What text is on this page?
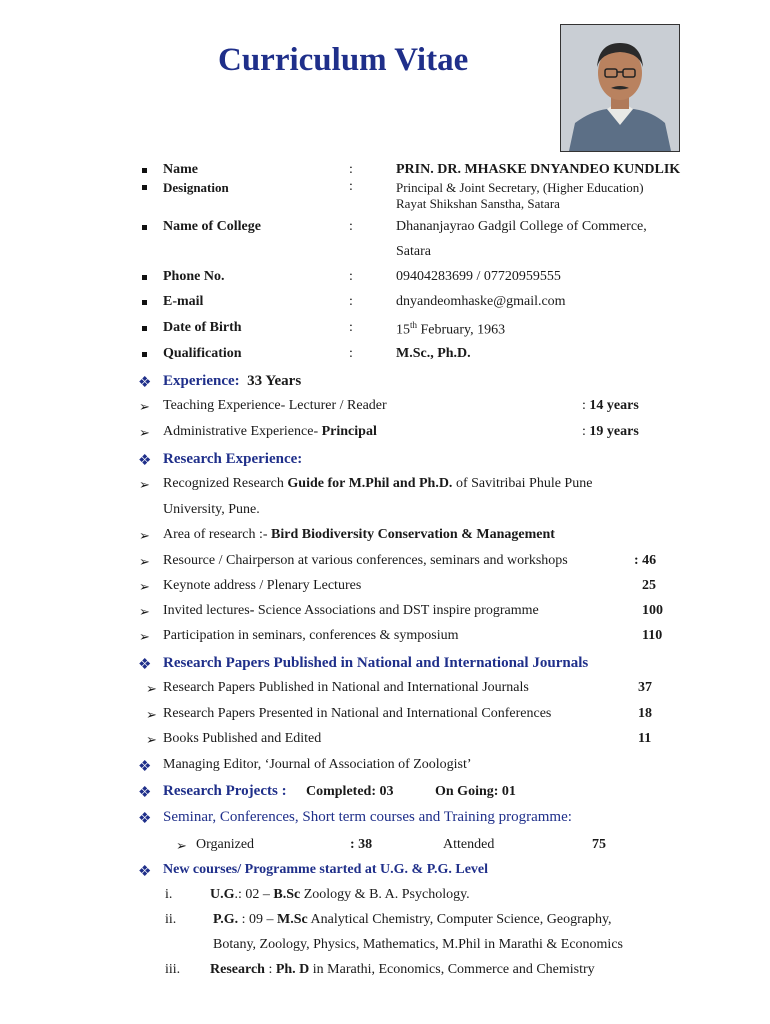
Curriculum Vitae
Name	:	PRIN. DR. MHASKE DNYANDEO KUNDLIK
Designation	:	Principal & Joint Secretary, (Higher Education)
Rayat Shikshan Sanstha, Satara
Name of College	:	Dhananjayrao Gadgil College of Commerce,
Satara
Phone No.	:	09404283699 / 07720959555
E-mail	:	dnyandeomhaske@gmail.com
Date of Birth	:	15th February, 1963
Qualification	:	M.Sc., Ph.D.
❖ Experience: 33 Years
➢ Teaching Experience- Lecturer / Reader	: 14 years
➢ Administrative Experience- Principal	: 19 years
❖ Research Experience:
➢ Recognized Research Guide for M.Phil and Ph.D. of Savitribai Phule Pune
University, Pune.
➢ Area of research :- Bird Biodiversity Conservation & Management
➢ Resource / Chairperson at various conferences, seminars and workshops	: 46
➢ Keynote address / Plenary Lectures	25
➢ Invited lectures- Science Associations and DST inspire programme	100
➢ Participation in seminars, conferences & symposium	110
❖ Research Papers Published in National and International Journals
➢ Research Papers Published in National and International Journals	37
➢ Research Papers Presented in National and International Conferences	18
➢ Books Published and Edited	11
❖ Managing Editor, ‘Journal of Association of Zoologist’
❖ Research Projects : Completed: 03	On Going: 01
❖ Seminar, Conferences, Short term courses and Training programme:
➢ Organized	: 38	Attended	75
❖ New courses/ Programme started at U.G. & P.G. Level
i.	U.G.: 02 – B.Sc Zoology & B. A. Psychology.
ii.	P.G. : 09 – M.Sc Analytical Chemistry, Computer Science, Geography,
Botany, Zoology, Physics, Mathematics, M.Phil in Marathi & Economics
iii. Research : Ph. D in Marathi, Economics, Commerce and Chemistry
